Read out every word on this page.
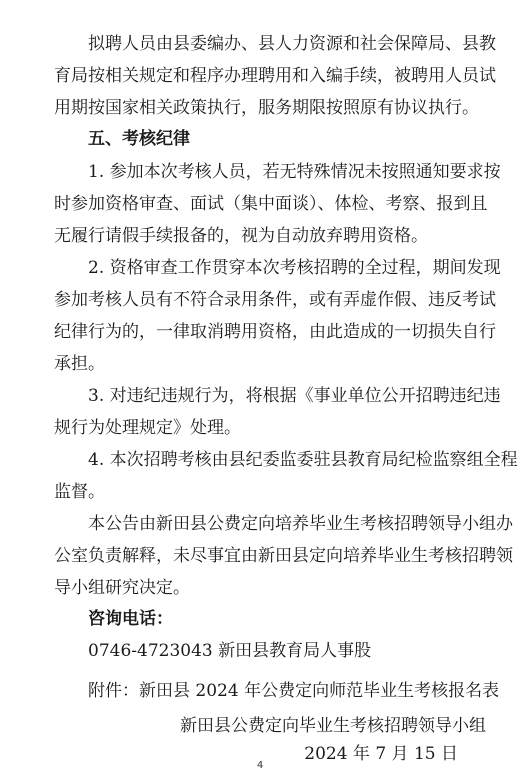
拟聘人员由县委编办、县人力资源和社会保障局、县教
育局按相关规定和程序办理聘用和入编手续，被聘用人员试
用期按国家相关政策执行，服务期限按照原有协议执行。
五、考核纪律
1. 参加本次考核人员，若无特殊情况未按照通知要求按
时参加资格审查、面试（集中面谈）、体检、考察、报到且
无履行请假手续报备的，视为自动放弃聘用资格。
2. 资格审查工作贯穿本次考核招聘的全过程，期间发现
参加考核人员有不符合录用条件，或有弄虚作假、违反考试
纪律行为的，一律取消聘用资格，由此造成的一切损失自行
承担。
3. 对违纪违规行为，将根据《事业单位公开招聘违纪违
规行为处理规定》处理。
4. 本次招聘考核由县纪委监委驻县教育局纪检监察组全程
监督。
本公告由新田县公费定向培养毕业生考核招聘领导小组办
公室负责解释，未尽事宜由新田县定向培养毕业生考核招聘领
导小组研究决定。
咨询电话：
0746-4723043 新田县教育局人事股
附件：新田县 2024 年公费定向师范毕业生考核报名表
新田县公费定向毕业生考核招聘领导小组
2024 年 7 月 15 日
4
